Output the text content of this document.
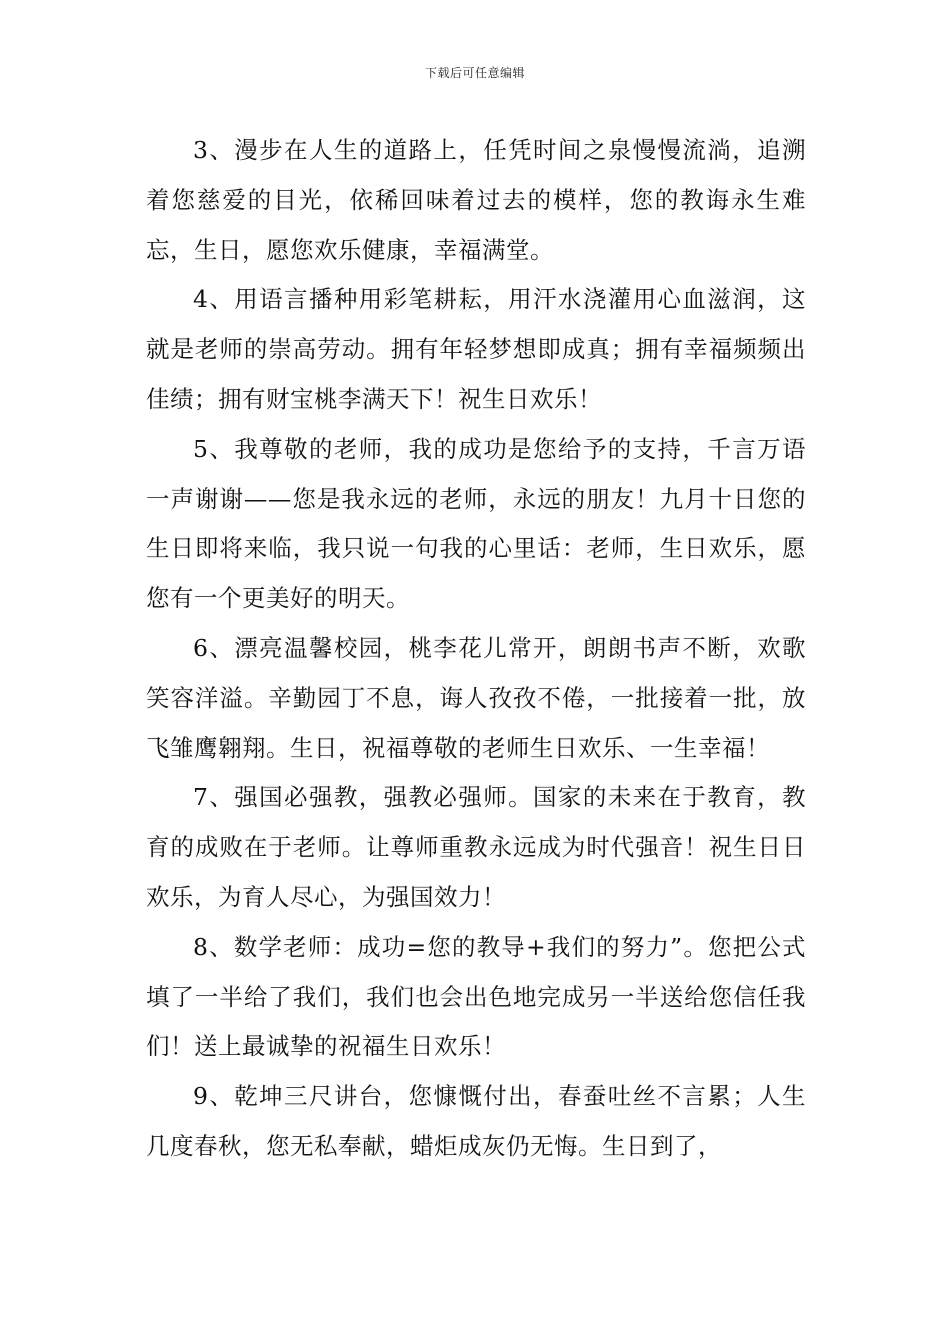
下载后可任意编辑

3、漫步在人生的道路上，任凭时间之泉慢慢流淌，追溯着您慈爱的目光，依稀回味着过去的模样，您的教诲永生难忘，生日，愿您欢乐健康，幸福满堂。

4、用语言播种用彩笔耕耘，用汗水浇灌用心血滋润，这就是老师的崇高劳动。拥有年轻梦想即成真；拥有幸福频频出佳绩；拥有财宝桃李满天下！祝生日欢乐！

5、我尊敬的老师，我的成功是您给予的支持，千言万语一声谢谢——您是我永远的老师，永远的朋友！九月十日您的生日即将来临，我只说一句我的心里话：老师，生日欢乐，愿您有一个更美好的明天。

6、漂亮温馨校园，桃李花儿常开，朗朗书声不断，欢歌笑容洋溢。辛勤园丁不息，诲人孜孜不倦，一批接着一批，放飞雏鹰翱翔。生日，祝福尊敬的老师生日欢乐、一生幸福！

7、强国必强教，强教必强师。国家的未来在于教育，教育的成败在于老师。让尊师重教永远成为时代强音！祝生日日欢乐，为育人尽心，为强国效力！

8、数学老师：成功=您的教导+我们的努力”。您把公式填了一半给了我们，我们也会出色地完成另一半送给您信任我们！送上最诚挚的祝福生日欢乐！

9、乾坤三尺讲台，您慷慨付出，春蚕吐丝不言累；人生几度春秋，您无私奉献，蜡炬成灰仍无悔。生日到了，
